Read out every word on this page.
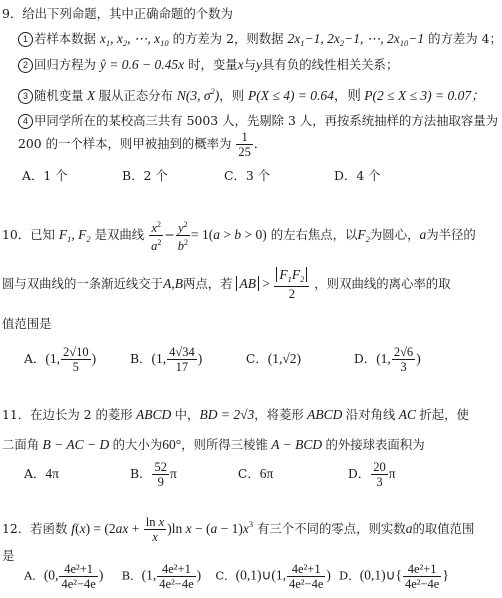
9．给出下列命题，其中正确命题的个数为
1 若样本数据 $x_1$, $x_2$, ⋯, $x_{10}$ 的方差为 2，则数据 $2x_1-1$, $2x_2-1$, ⋯, $2x_{10}-1$ 的方差为 4；
2 回归方程为 ŷ = 0.6 − 0.45x 时，变量x与y具有负的线性相关关系；
3 随机变量 X 服从正态分布 N(3, $\sigma^2$)，则 P(X ≤ 4) = 0.64，则 P(2 ≤ X ≤ 3) = 0.07；
4 甲同学所在的某校高三共有 5003 人，先剔除 3 人，再按系统抽样的方法抽取容量为
200 的一个样本，则甲被抽到的概率为 $\frac{1}{25}$ ．
A．1 个	B．2 个	C．3 个	D．4 个
10．已知 $F_1$, $F_2$ 是双曲线 $\frac{x^2}{a^2} - \frac{y^2}{b^2} = 1(a > b > 0)$ 的左右焦点，以$F_2$为圆心，a为半径的
圆与双曲线的一条渐近线交于A,B两点，若 AB > $\frac{F_1F_2}{2}$ ，则双曲线的离心率的取
值范围是
A．(1, $\frac{2√10}{5}$ )	B．(1, $\frac{4√34}{17}$ )	C．(1,√2)	D．(1, $\frac{2√6}{3}$ )
11．在边长为 2 的菱形 ABCD 中，BD = 2√3，将菱形 ABCD 沿对角线 AC 折起，使
二面角 B − AC − D 的大小为60°，则所得三棱锥 A − BCD 的外接球表面积为
A．4π	B． $\frac{52}{9}$ π	C．6π	D． $\frac{20}{3}$ π
12．若函数 $f(x) = (2ax + \frac{\text{ln x}}{x} )\ln$ $x - (a - 1)x^3$ 有三个不同的零点，则实数a的取值范围
是
A．(0, $\frac{\text{4e²+1}}{\text{4e²−4e}}$ ) B．(1, $\frac{\text{4e²+1}}{\text{4e²−4e}}$ ) C．(0,1)∪(1, $\frac{\text{4e²+1}}{\text{4e²−4e}}$ ) D．(0,1)∪{ $\frac{\text{4e²+1}}{\text{4e²−4e}}$ }
